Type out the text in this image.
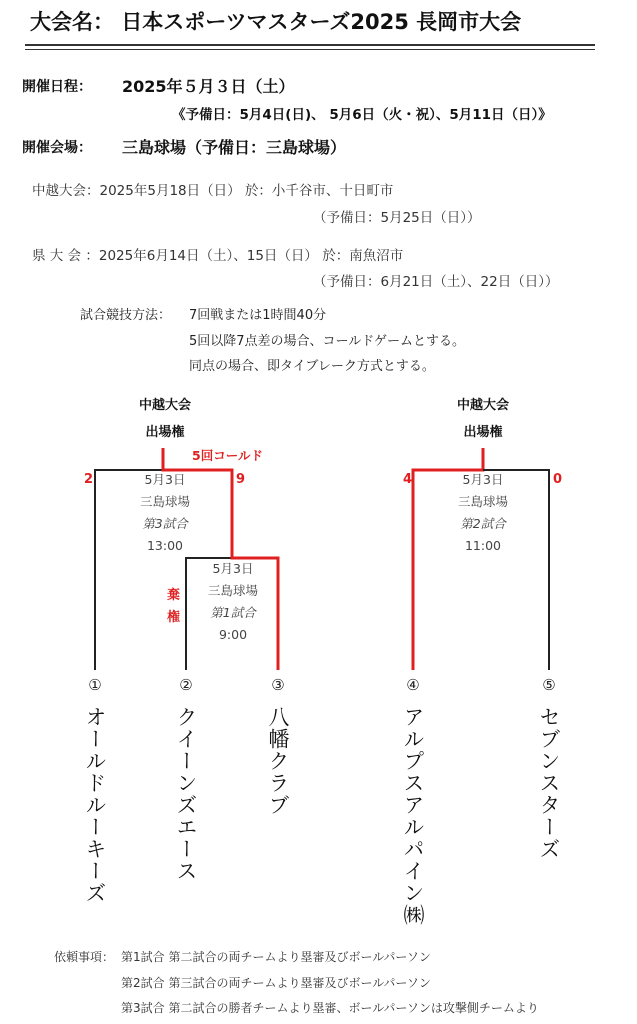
大会名： 日本スポーツマスターズ2025 長岡市大会
開催日程： 2025年５月３日（土）
《予備日：5月4日(日)、 5月6日（火・祝）、5月11日（日）》
開催会場： 三島球場（予備日：三島球場）
中越大会：2025年5月18日（日） 於：小千谷市、十日町市
（予備日：5月25日（日））
県 大 会 ：2025年6月14日（土）、15日（日） 於：南魚沼市
（予備日：6月21日（土）、22日（日））
試合競技方法： 7回戦または1時間40分
5回以降7点差の場合、コールドゲームとする。
同点の場合、即タイブレーク方式とする。
中越大会
出場権
5回コールド
2	9
5月3日
三島球場
第3試合
13:00
5月3日
三島球場
第1試合
9:00
棄
権
中越大会
出場権
4	0
5月3日
三島球場
第2試合
11:00
①	②	③	④	⑤
オールドルーキーズ	クイーンズエース	八幡クラブ	アルプスアルパイン㈱	セブンスターズ
依頼事項： 第1試合 第二試合の両チームより塁審及びボールパーソン
第2試合 第三試合の両チームより塁審及びボールパーソン
第3試合 第二試合の勝者チームより塁審、ボールパーソンは攻撃側チームより
